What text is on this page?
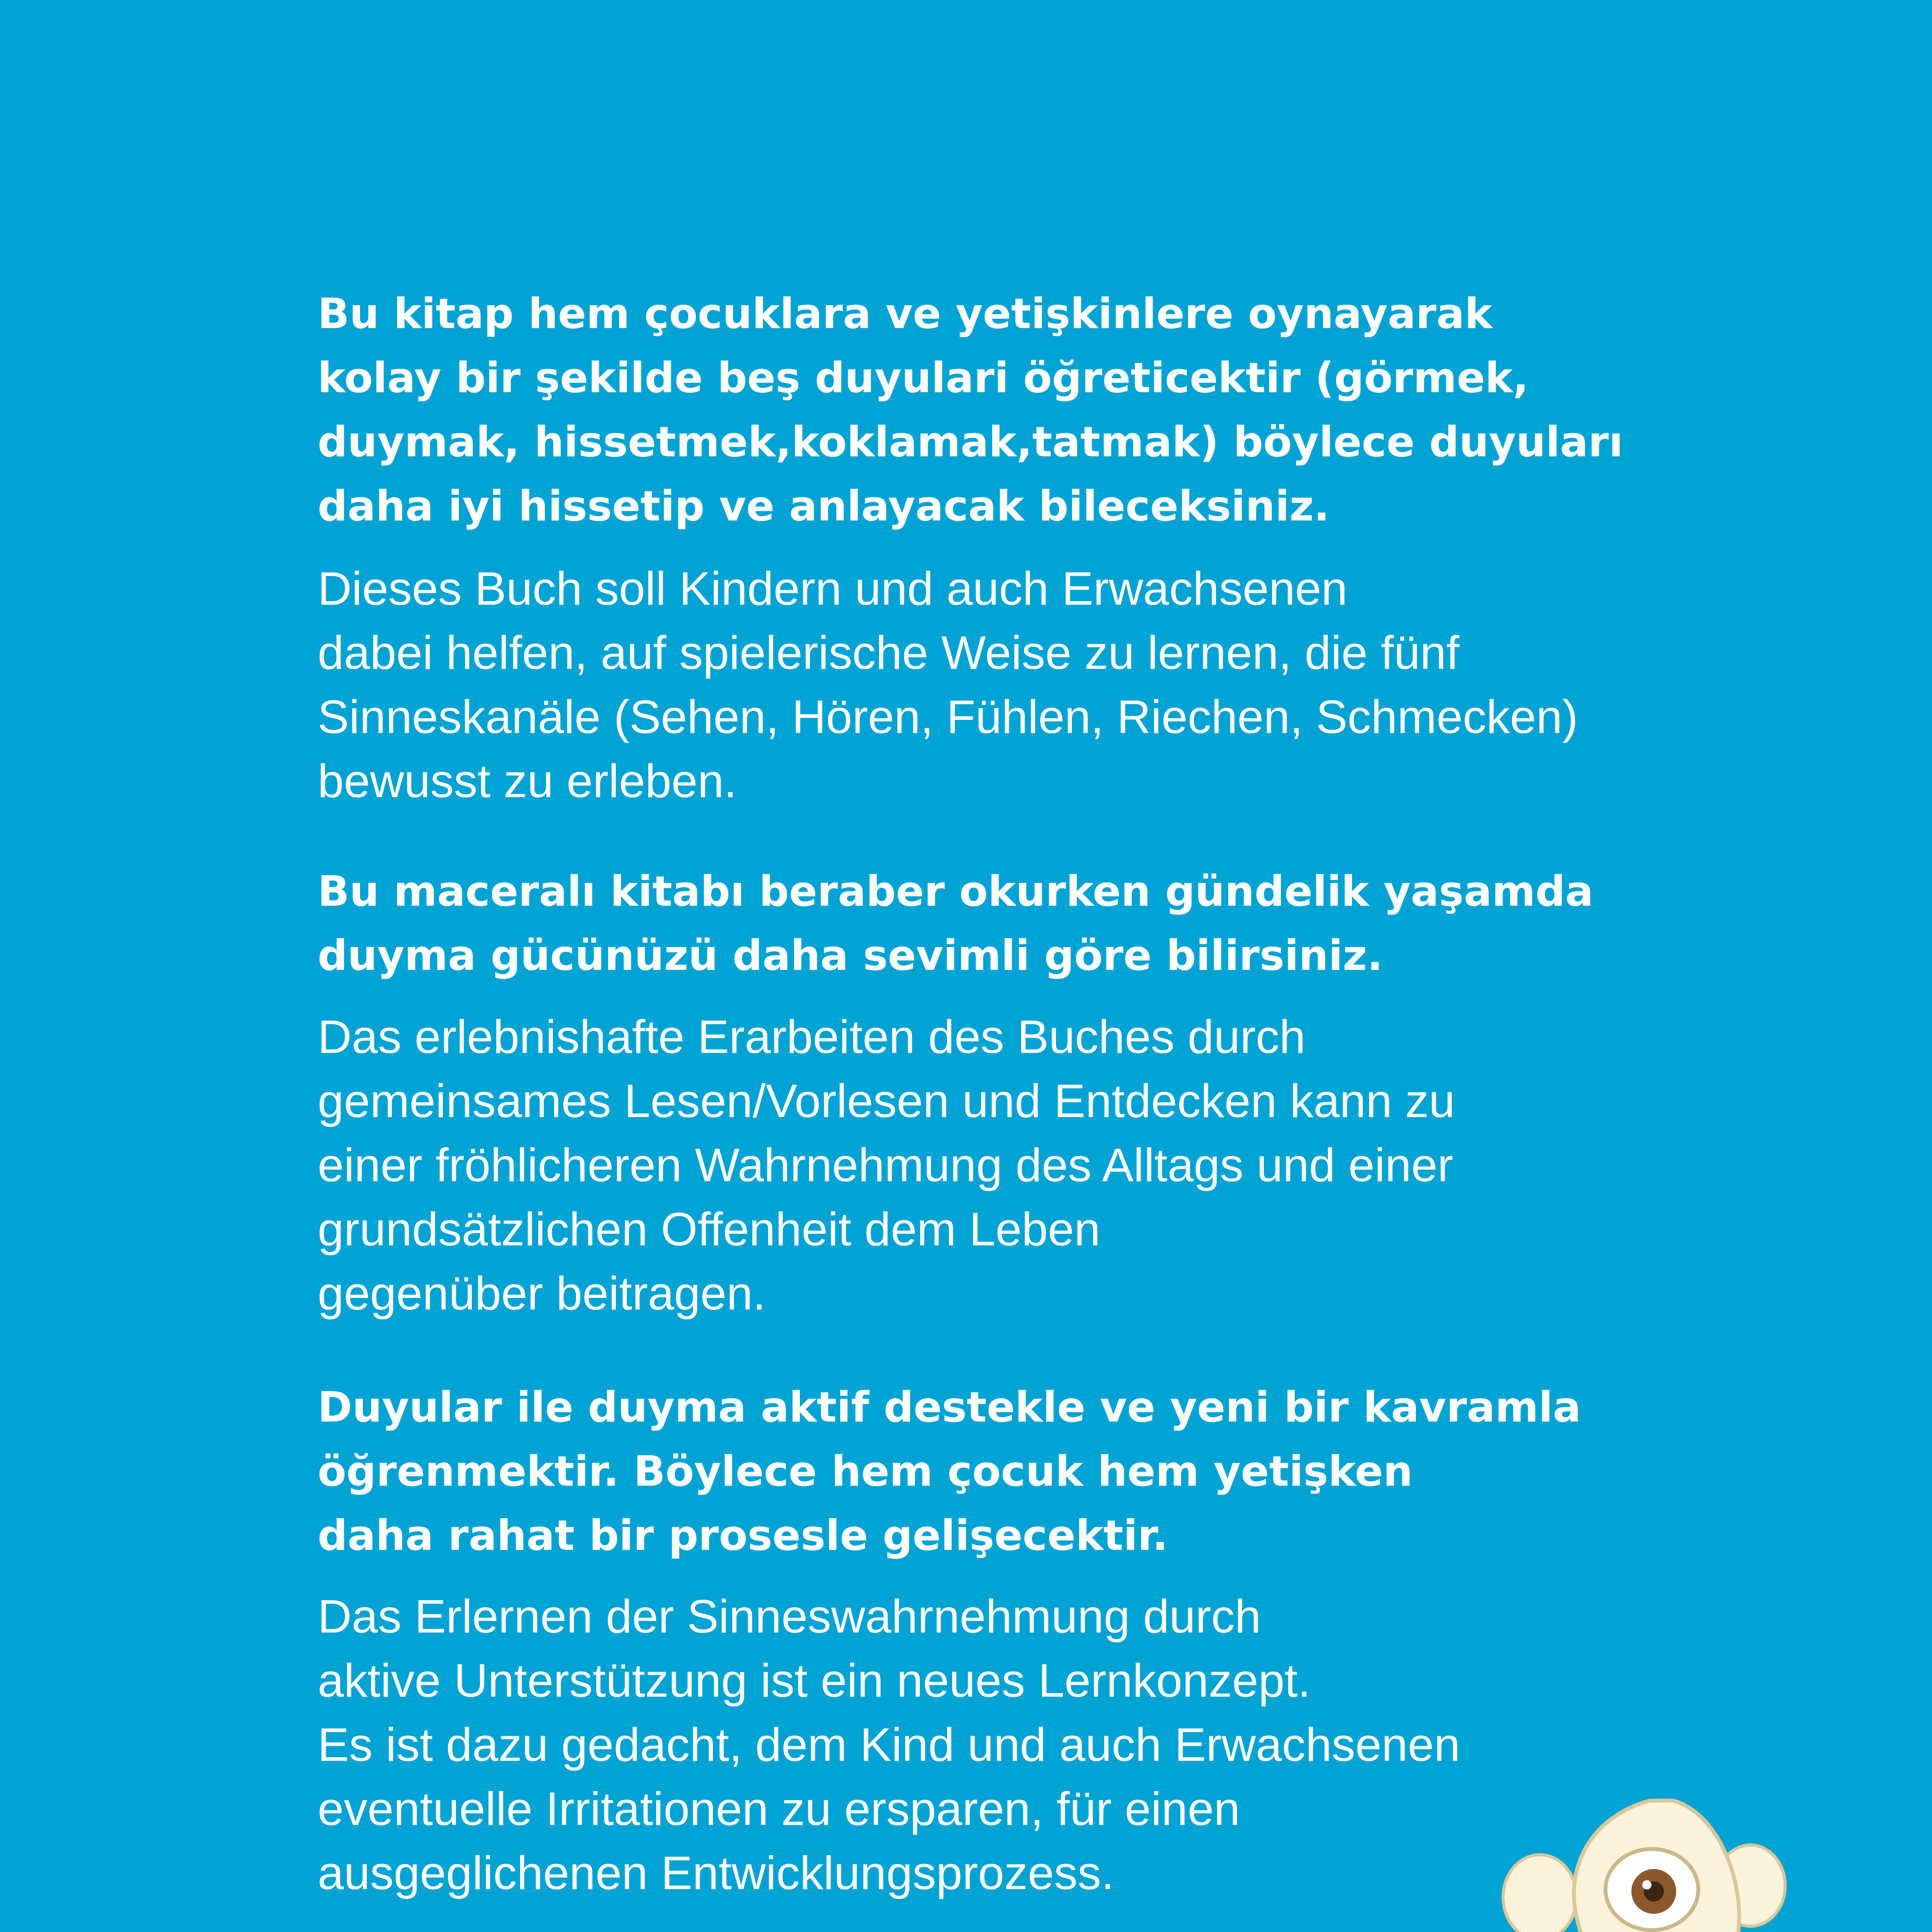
Bu kitap hem çocuklara ve yetişkinlere oynayarak
kolay bir şekilde beş duyulari öğreticektir (görmek,
duymak, hissetmek,koklamak,tatmak) böylece duyuları
daha iyi hissetip ve anlayacak bileceksiniz.

Dieses Buch soll Kindern und auch Erwachsenen
dabei helfen, auf spielerische Weise zu lernen, die fünf
Sinneskanäle (Sehen, Hören, Fühlen, Riechen, Schmecken)
bewusst zu erleben.

Bu maceralı kitabı beraber okurken gündelik yaşamda
duyma gücünüzü daha sevimli göre bilirsiniz.

Das erlebnishafte Erarbeiten des Buches durch
gemeinsames Lesen/Vorlesen und Entdecken kann zu
einer fröhlicheren Wahrnehmung des Alltags und einer
grundsätzlichen Offenheit dem Leben
gegenüber beitragen.

Duyular ile duyma aktif destekle ve yeni bir kavramla
öğrenmektir. Böylece hem çocuk hem yetişken
daha rahat bir prosesle gelişecektir.

Das Erlernen der Sinneswahrnehmung durch
aktive Unterstützung ist ein neues Lernkonzept.
Es ist dazu gedacht, dem Kind und auch Erwachsenen
eventuelle Irritationen zu ersparen, für einen
ausgeglichenen Entwicklungsprozess.
